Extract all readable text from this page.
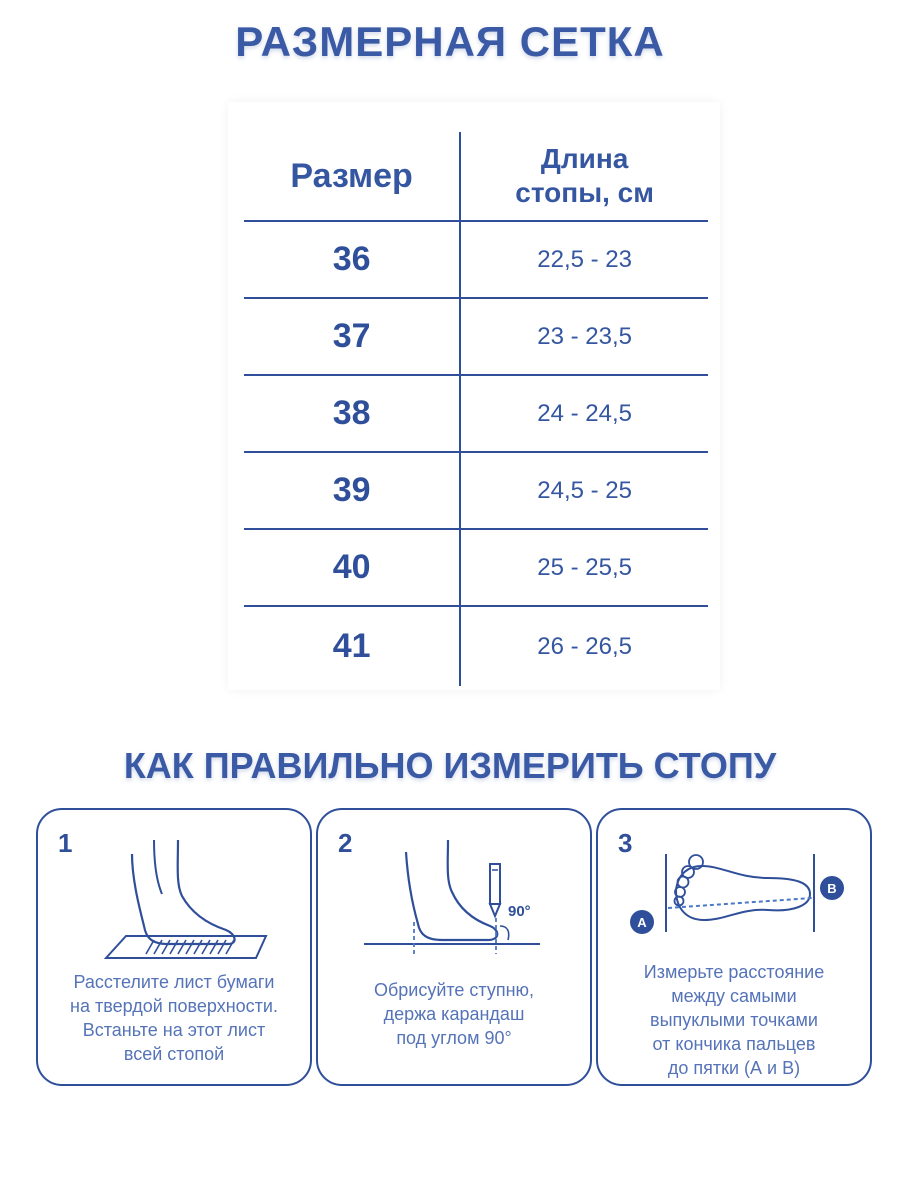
РАЗМЕРНАЯ СЕТКА
Размер	Длина
стопы, см
36	22,5 - 23
37	23 - 23,5
38	24 - 24,5
39	24,5 - 25
40	25 - 25,5
41	26 - 26,5
КАК ПРАВИЛЬНО ИЗМЕРИТЬ СТОПУ
1
Расстелите лист бумаги
на твердой поверхности.
Встаньте на этот лист
всей стопой
2
90°
Обрисуйте ступню,
держа карандаш
под углом 90°
3
A
B
Измерьте расстояние
между самыми
выпуклыми точками
от кончика пальцев
до пятки (А и В)
